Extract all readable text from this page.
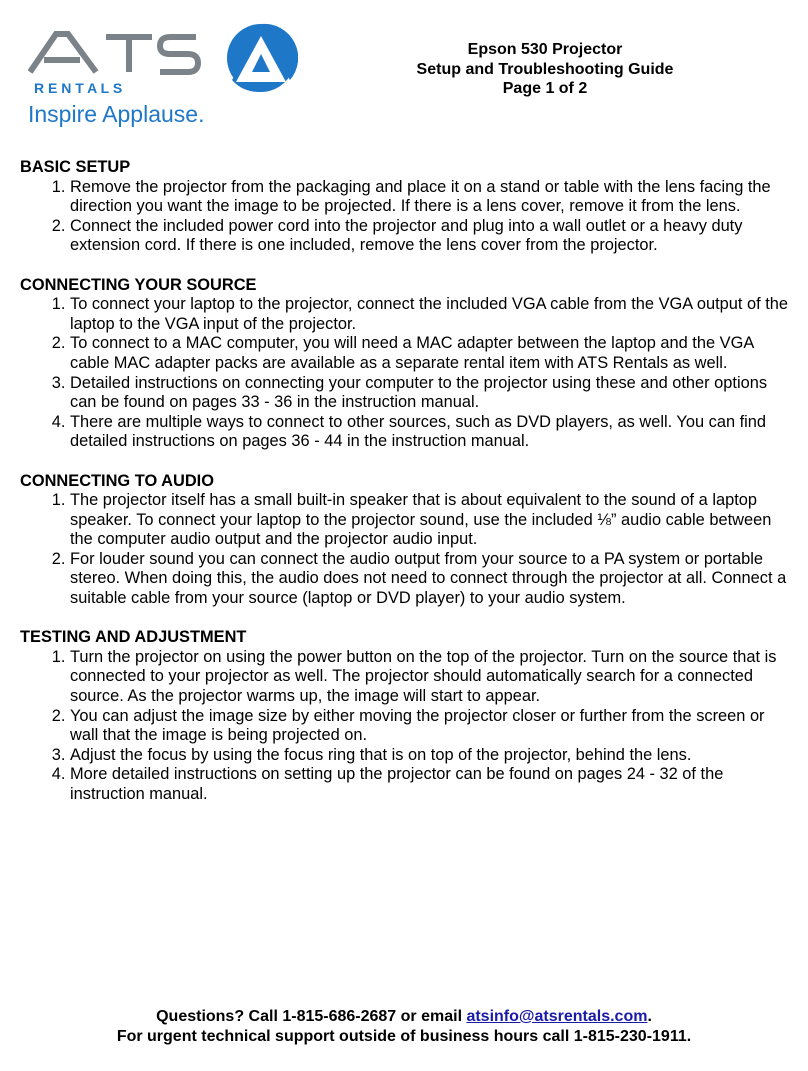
R E N T A L S
Inspire Applause.
Epson 530 Projector
Setup and Troubleshooting Guide
Page 1 of 2

BASIC SETUP

1. Remove the projector from the packaging and place it on a stand or table with the lens facing the direction you want the image to be projected. If there is a lens cover, remove it from the lens.
2. Connect the included power cord into the projector and plug into a wall outlet or a heavy duty extension cord. If there is one included, remove the lens cover from the projector.

CONNECTING YOUR SOURCE

1. To connect your laptop to the projector, connect the included VGA cable from the VGA output of the laptop to the VGA input of the projector.
2. To connect to a MAC computer, you will need a MAC adapter between the laptop and the VGA cable MAC adapter packs are available as a separate rental item with ATS Rentals as well.
3. Detailed instructions on connecting your computer to the projector using these and other options can be found on pages 33 - 36 in the instruction manual.
4. There are multiple ways to connect to other sources, such as DVD players, as well. You can find detailed instructions on pages 36 - 44 in the instruction manual.

CONNECTING TO AUDIO

1. The projector itself has a small built-in speaker that is about equivalent to the sound of a laptop speaker. To connect your laptop to the projector sound, use the included ⅛” audio cable between the computer audio output and the projector audio input.
2. For louder sound you can connect the audio output from your source to a PA system or portable stereo. When doing this, the audio does not need to connect through the projector at all. Connect a suitable cable from your source (laptop or DVD player) to your audio system.

TESTING AND ADJUSTMENT

1. Turn the projector on using the power button on the top of the projector. Turn on the source that is connected to your projector as well. The projector should automatically search for a connected source. As the projector warms up, the image will start to appear.
2. You can adjust the image size by either moving the projector closer or further from the screen or wall that the image is being projected on.
3. Adjust the focus by using the focus ring that is on top of the projector, behind the lens.
4. More detailed instructions on setting up the projector can be found on pages 24 - 32 of the instruction manual.
Questions? Call 1-815-686-2687 or email atsinfo@atsrentals.com.
For urgent technical support outside of business hours call 1-815-230-1911.
